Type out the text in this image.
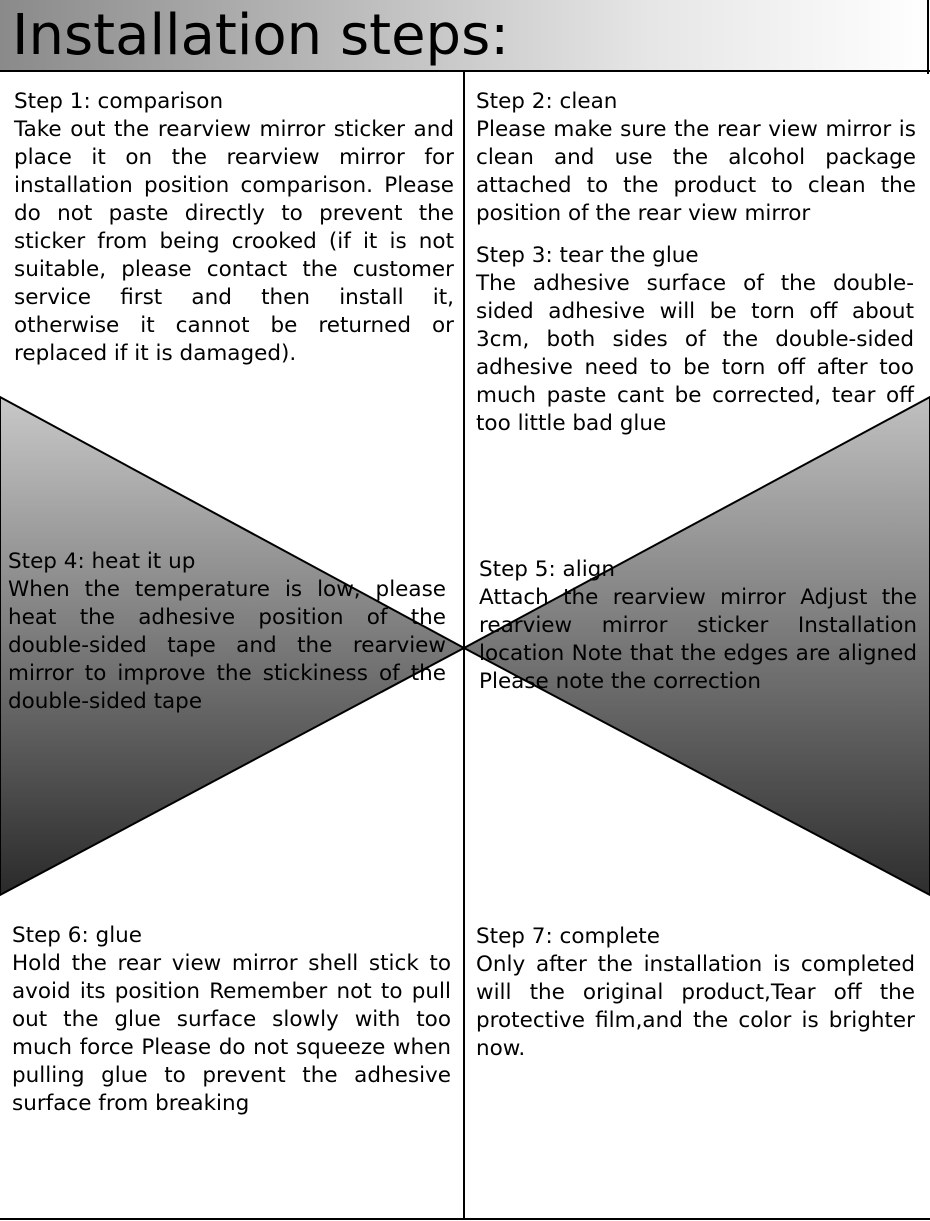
Installation steps:
Step 1: comparison
Take out the rearview mirror sticker and place it on the rearview mirror for installation position comparison. Please do not paste directly to prevent the sticker from being crooked (if it is not suitable, please contact the customer service first and then install it, otherwise it cannot be returned or replaced if it is damaged).
Step 2: clean
Please make sure the rear view mirror is clean and use the alcohol package attached to the product to clean the position of the rear view mirror
Step 3: tear the glue
The adhesive surface of the double-sided adhesive will be torn off about 3cm, both sides of the double-sided adhesive need to be torn off after too much paste cant be corrected, tear off too little bad glue
Step 4: heat it up
When the temperature is low, please heat the adhesive position of the double-sided tape and the rearview mirror to improve the stickiness of the double-sided tape
Step 5: align
Attach the rearview mirror Adjust the rearview mirror sticker Installation location Note that the edges are aligned Please note the correction
Step 6: glue
Hold the rear view mirror shell stick to avoid its position Remember not to pull out the glue surface slowly with too much force Please do not squeeze when pulling glue to prevent the adhesive surface from breaking
Step 7: complete
Only after the installation is completed will the original product,Tear off the protective film,and the color is brighter now.
